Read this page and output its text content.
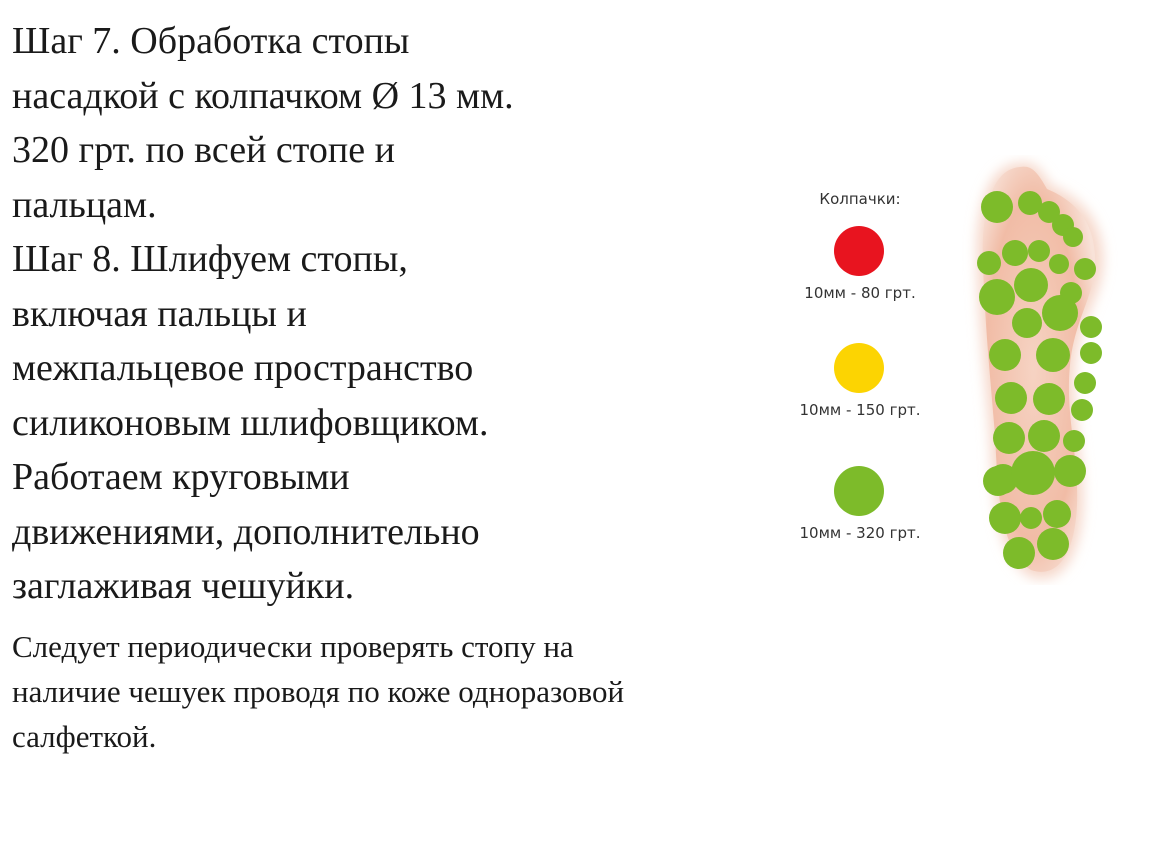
Шаг 7. Обработка стопы
насадкой с колпачком Ø 13 мм.
320 грт. по всей стопе и
пальцам.
Шаг 8. Шлифуем стопы,
включая пальцы и
межпальцевое пространство
силиконовым шлифовщиком.
Работаем круговыми
движениями, дополнительно
заглаживая чешуйки.
Следует периодически проверять стопу на
наличие чешуек проводя по коже одноразовой
салфеткой.
Колпачки:
10мм - 80 грт.
10мм - 150 грт.
10мм - 320 грт.
